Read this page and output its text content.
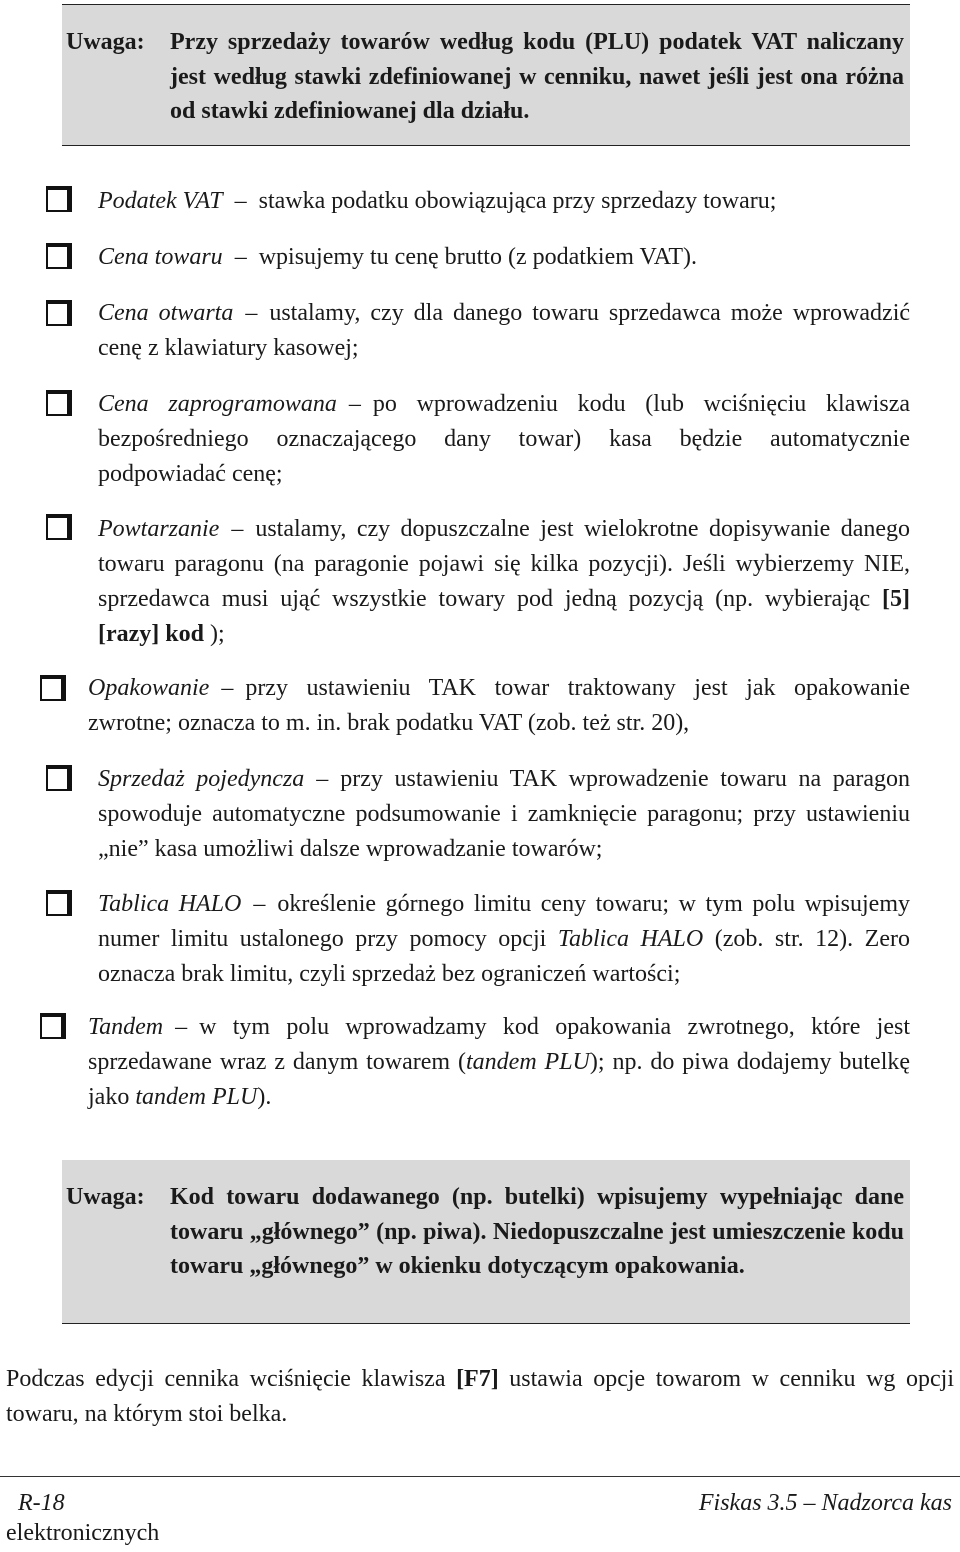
Uwaga:	Przy sprzedaży towarów według kodu (PLU) podatek VAT naliczany jest według stawki zdefiniowanej w cenniku, nawet jeśli jest ona różna od stawki zdefiniowanej dla działu.
Podatek VAT – stawka podatku obowiązująca przy sprzedazy towaru;
Cena towaru – wpisujemy tu cenę brutto (z podatkiem VAT).
Cena otwarta – ustalamy, czy dla danego towaru sprzedawca może wprowadzić cenę z klawiatury kasowej;
Cena zaprogramowana – po wprowadzeniu kodu (lub wciśnięciu klawisza bezpośredniego oznaczającego dany towar) kasa będzie automatycznie podpowiadać cenę;
Powtarzanie – ustalamy, czy dopuszczalne jest wielokrotne dopisywanie danego towaru paragonu (na paragonie pojawi się kilka pozycji). Jeśli wybierzemy NIE, sprzedawca musi ująć wszystkie towary pod jedną pozycją (np. wybierając [5] [razy] kod );
Opakowanie – przy ustawieniu TAK towar traktowany jest jak opakowanie zwrotne; oznacza to m. in. brak podatku VAT (zob. też str. 20),
Sprzedaż pojedyncza – przy ustawieniu TAK wprowadzenie towaru na paragon spowoduje automatyczne podsumowanie i zamknięcie paragonu; przy ustawieniu „nie” kasa umożliwi dalsze wprowadzanie towarów;
Tablica HALO – określenie górnego limitu ceny towaru; w tym polu wpisujemy numer limitu ustalonego przy pomocy opcji Tablica HALO (zob. str. 12). Zero oznacza brak limitu, czyli sprzedaż bez ograniczeń wartości;
Tandem – w tym polu wprowadzamy kod opakowania zwrotnego, które jest sprzedawane wraz z danym towarem (tandem PLU); np. do piwa dodajemy butelkę jako tandem PLU).
Uwaga:	Kod towaru dodawanego (np. butelki) wpisujemy wypełniając dane towaru „głównego” (np. piwa). Niedopuszczalne jest umieszczenie kodu towaru „głównego” w okienku dotyczącym opakowania.
Podczas edycji cennika wciśnięcie klawisza [F7] ustawia opcje towarom w cenniku wg opcji towaru, na którym stoi belka.
R-18	Fiskas 3.5 – Nadzorca kas
elektronicznych
